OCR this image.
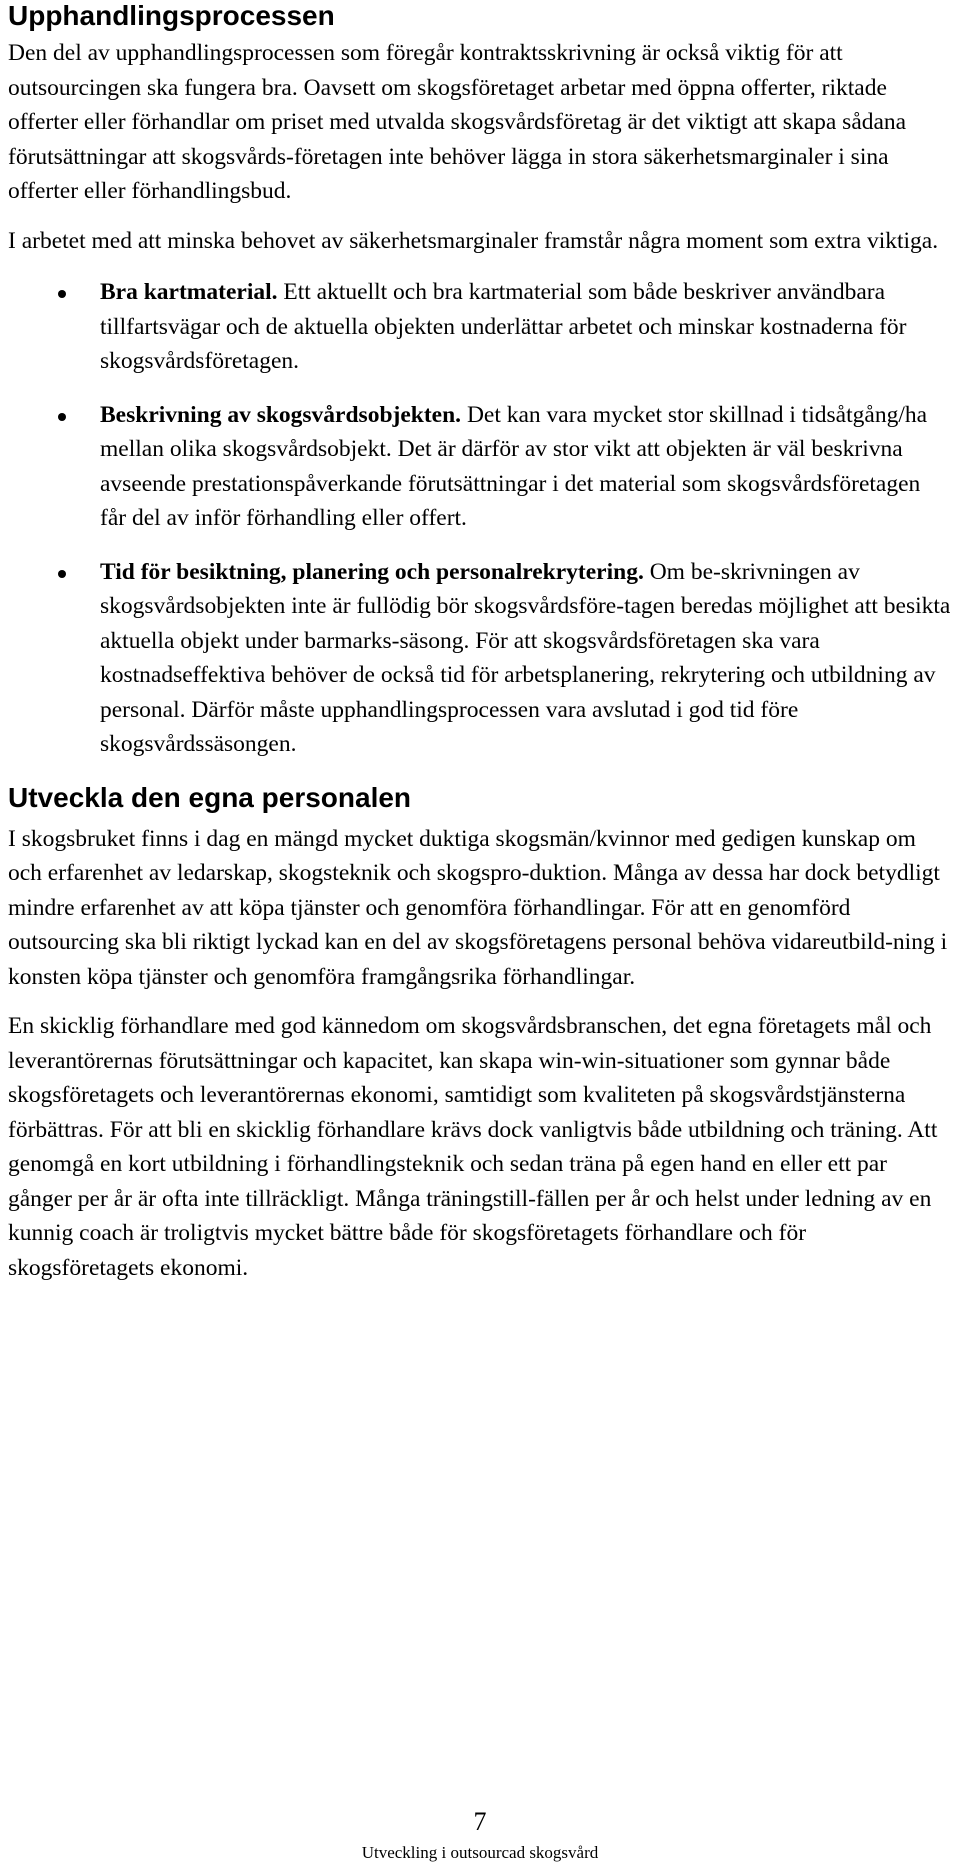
Upphandlingsprocessen

Den del av upphandlingsprocessen som föregår kontraktsskrivning är också viktig för att outsourcingen ska fungera bra. Oavsett om skogsföretaget arbetar med öppna offerter, riktade offerter eller förhandlar om priset med utvalda skogsvårdsföretag är det viktigt att skapa sådana förutsättningar att skogsvårds-företagen inte behöver lägga in stora säkerhetsmarginaler i sina offerter eller förhandlingsbud.

I arbetet med att minska behovet av säkerhetsmarginaler framstår några moment som extra viktiga.

Bra kartmaterial. Ett aktuellt och bra kartmaterial som både beskriver användbara tillfartsvägar och de aktuella objekten underlättar arbetet och minskar kostnaderna för skogsvårdsföretagen.

Beskrivning av skogsvårdsobjekten. Det kan vara mycket stor skillnad i tidsåtgång/ha mellan olika skogsvårdsobjekt. Det är därför av stor vikt att objekten är väl beskrivna avseende prestationspåverkande förutsättningar i det material som skogsvårdsföretagen får del av inför förhandling eller offert.

Tid för besiktning, planering och personalrekrytering. Om be-skrivningen av skogsvårdsobjekten inte är fullödig bör skogsvårdsföre-tagen beredas möjlighet att besikta aktuella objekt under barmarks-säsong. För att skogsvårdsföretagen ska vara kostnadseffektiva behöver de också tid för arbetsplanering, rekrytering och utbildning av personal. Därför måste upphandlingsprocessen vara avslutad i god tid före skogsvårdssäsongen.

Utveckla den egna personalen

I skogsbruket finns i dag en mängd mycket duktiga skogsmän/kvinnor med gedigen kunskap om och erfarenhet av ledarskap, skogsteknik och skogspro-duktion. Många av dessa har dock betydligt mindre erfarenhet av att köpa tjänster och genomföra förhandlingar. För att en genomförd outsourcing ska bli riktigt lyckad kan en del av skogsföretagens personal behöva vidareutbild-ning i konsten köpa tjänster och genomföra framgångsrika förhandlingar.

En skicklig förhandlare med god kännedom om skogsvårdsbranschen, det egna företagets mål och leverantörernas förutsättningar och kapacitet, kan skapa win-win-situationer som gynnar både skogsföretagets och leverantörernas ekonomi, samtidigt som kvaliteten på skogsvårdstjänsterna förbättras. För att bli en skicklig förhandlare krävs dock vanligtvis både utbildning och träning. Att genomgå en kort utbildning i förhandlingsteknik och sedan träna på egen hand en eller ett par gånger per år är ofta inte tillräckligt. Många träningstill-fällen per år och helst under ledning av en kunnig coach är troligtvis mycket bättre både för skogsföretagets förhandlare och för skogsföretagets ekonomi.

7
Utveckling i outsourcad skogsvård
